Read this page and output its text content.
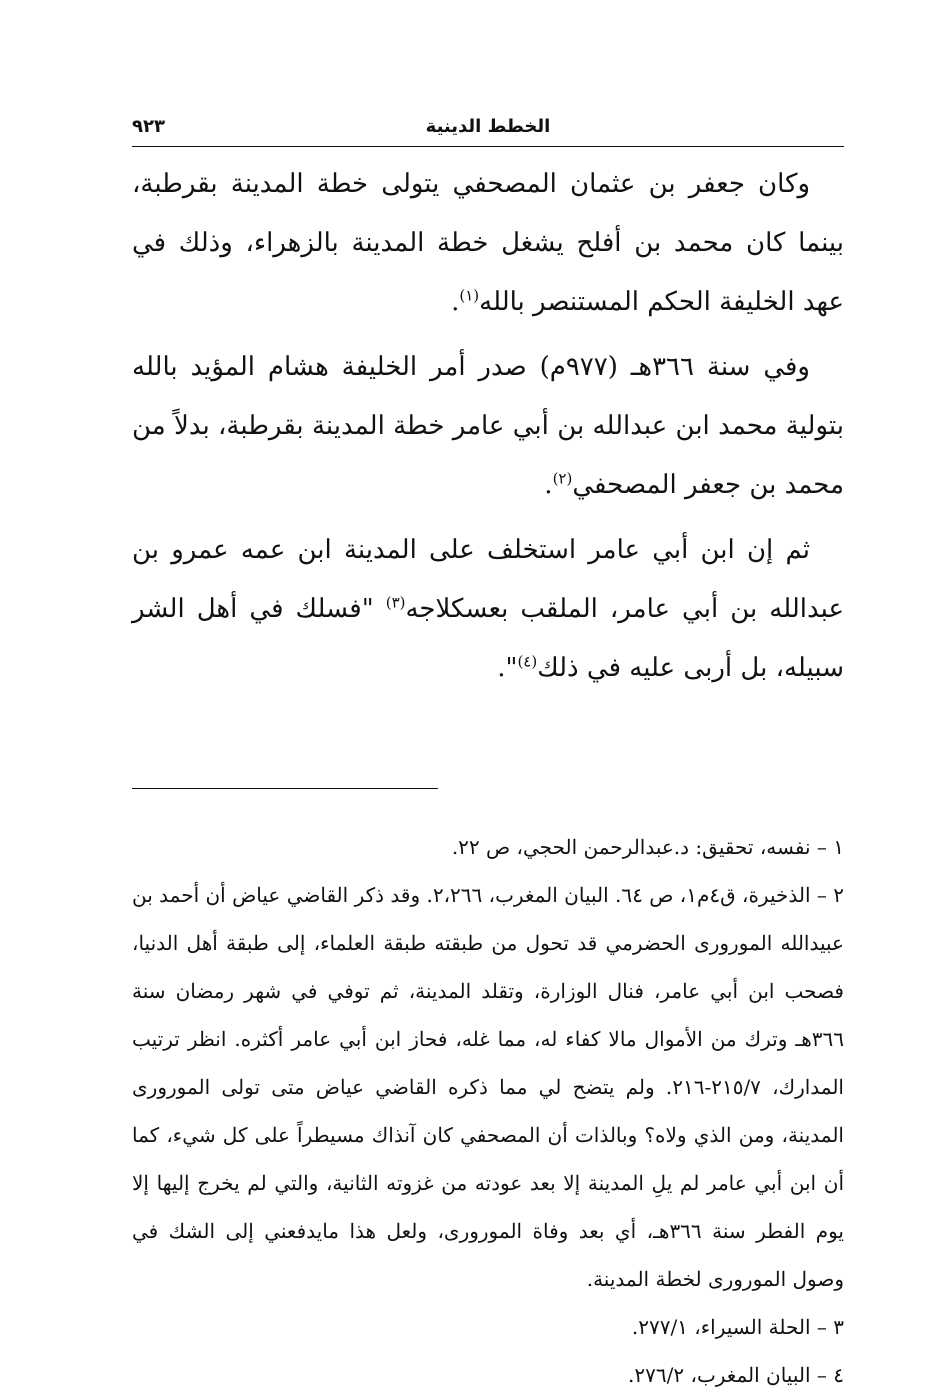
الخطط الدينية
٩٢٣

وكان جعفر بن عثمان المصحفي يتولى خطة المدينة بقرطبة، بينما كان محمد بن أفلح يشغل خطة المدينة بالزهراء، وذلك في عهد الخليفة الحكم المستنصر بالله$^{(١)}$.

وفي سنة ٣٦٦هـ (٩٧٧م) صدر أمر الخليفة هشام المؤيد بالله بتولية محمد ابن عبدالله بن أبي عامر خطة المدينة بقرطبة، بدلاً من محمد بن جعفر المصحفي$^{(٢)}$.

ثم إن ابن أبي عامر استخلف على المدينة ابن عمه عمرو بن عبدالله بن أبي عامر، الملقب بعسكلاجه$^{(٣)}$ "فسلك في أهل الشر سبيله، بل أربى عليه في ذلك$^{(٤)}$".

١ – نفسه، تحقيق: د.عبدالرحمن الحجي، ص ٢٢.

٢ – الذخيرة، ق٤م١، ص ٦٤. البيان المغرب، ٢،٢٦٦. وقد ذكر القاضي عياض أن أحمد بن عبيدالله المورورى الحضرمي قد تحول من طبقته طبقة العلماء، إلى طبقة أهل الدنيا، فصحب ابن أبي عامر، فنال الوزارة، وتقلد المدينة، ثم توفي في شهر رمضان سنة ٣٦٦هـ وترك من الأموال مالا كفاء له، مما غله، فحاز ابن أبي عامر أكثره. انظر ترتيب المدارك، ٢١٥/٧-٢١٦. ولم يتضح لي مما ذكره القاضي عياض متى تولى المورورى المدينة، ومن الذي ولاه؟ وبالذات أن المصحفي كان آنذاك مسيطراً على كل شيء، كما أن ابن أبي عامر لم يلِ المدينة إلا بعد عودته من غزوته الثانية، والتي لم يخرج إليها إلا يوم الفطر سنة ٣٦٦هـ، أي بعد وفاة المورورى، ولعل هذا مايدفعني إلى الشك في وصول المورورى لخطة المدينة.

٣ – الحلة السيراء، ٢٧٧/١.

٤ – البيان المغرب، ٢٧٦/٢.
